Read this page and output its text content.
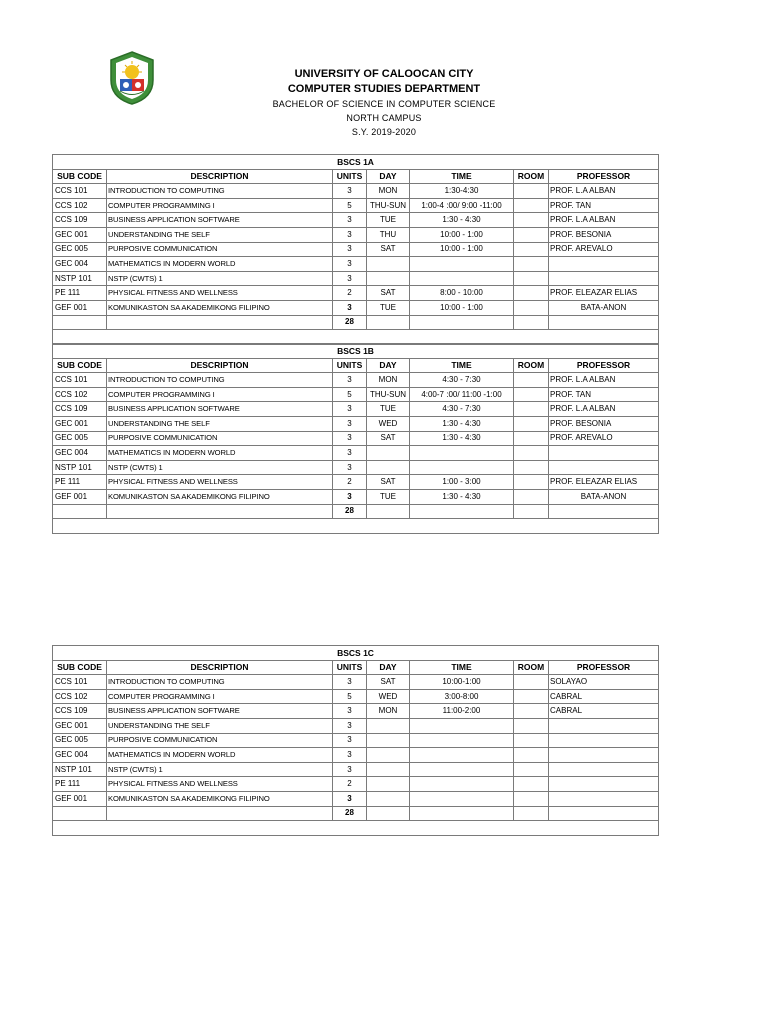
UNIVERSITY OF CALOOCAN CITY
COMPUTER STUDIES DEPARTMENT
BACHELOR OF SCIENCE IN COMPUTER SCIENCE
NORTH CAMPUS
S.Y. 2019-2020
BSCS 1A						
SUB CODE	DESCRIPTION	UNITS	DAY	TIME	ROOM	PROFESSOR
CCS 101	INTRODUCTION TO COMPUTING	3	MON	1:30-4:30		PROF. L.A ALBAN
CCS 102	COMPUTER PROGRAMMING I	5	THU-SUN	1:00-4 :00/ 9:00 -11:00		PROF. TAN
CCS 109	BUSINESS APPLICATION SOFTWARE	3	TUE	1:30 - 4:30		PROF. L.A ALBAN
GEC 001	UNDERSTANDING THE SELF	3	THU	10:00 - 1:00		PROF. BESONIA
GEC 005	PURPOSIVE COMMUNICATION	3	SAT	10:00 - 1:00		PROF. AREVALO
GEC 004	MATHEMATICS IN MODERN WORLD	3				
NSTP 101	NSTP (CWTS) 1	3				
PE 111	PHYSICAL FITNESS AND WELLNESS	2	SAT	8:00 - 10:00		PROF. ELEAZAR ELIAS
GEF 001	KOMUNIKASTON SA AKADEMIKONG FILIPINO	3	TUE	10:00 - 1:00		BATA-ANON
		28				

BSCS 1B						
SUB CODE	DESCRIPTION	UNITS	DAY	TIME	ROOM	PROFESSOR
CCS 101	INTRODUCTION TO COMPUTING	3	MON	4:30 - 7:30		PROF. L.A ALBAN
CCS 102	COMPUTER PROGRAMMING I	5	THU-SUN	4:00-7 :00/ 11:00 -1:00		PROF. TAN
CCS 109	BUSINESS APPLICATION SOFTWARE	3	TUE	4:30 - 7:30		PROF. L.A ALBAN
GEC 001	UNDERSTANDING THE SELF	3	WED	1:30 - 4:30		PROF. BESONIA
GEC 005	PURPOSIVE COMMUNICATION	3	SAT	1:30 - 4:30		PROF. AREVALO
GEC 004	MATHEMATICS IN MODERN WORLD	3				
NSTP 101	NSTP (CWTS) 1	3				
PE 111	PHYSICAL FITNESS AND WELLNESS	2	SAT	1:00 - 3:00		PROF. ELEAZAR ELIAS
GEF 001	KOMUNIKASTON SA AKADEMIKONG FILIPINO	3	TUE	1:30 - 4:30		BATA-ANON
		28				

BSCS 1C						
SUB CODE	DESCRIPTION	UNITS	DAY	TIME	ROOM	PROFESSOR
CCS 101	INTRODUCTION TO COMPUTING	3	SAT	10:00-1:00		SOLAYAO
CCS 102	COMPUTER PROGRAMMING I	5	WED	3:00-8:00		CABRAL
CCS 109	BUSINESS APPLICATION SOFTWARE	3	MON	11:00-2:00		CABRAL
GEC 001	UNDERSTANDING THE SELF	3				
GEC 005	PURPOSIVE COMMUNICATION	3				
GEC 004	MATHEMATICS IN MODERN WORLD	3				
NSTP 101	NSTP (CWTS) 1	3				
PE 111	PHYSICAL FITNESS AND WELLNESS	2				
GEF 001	KOMUNIKASTON SA AKADEMIKONG FILIPINO	3				
		28				
